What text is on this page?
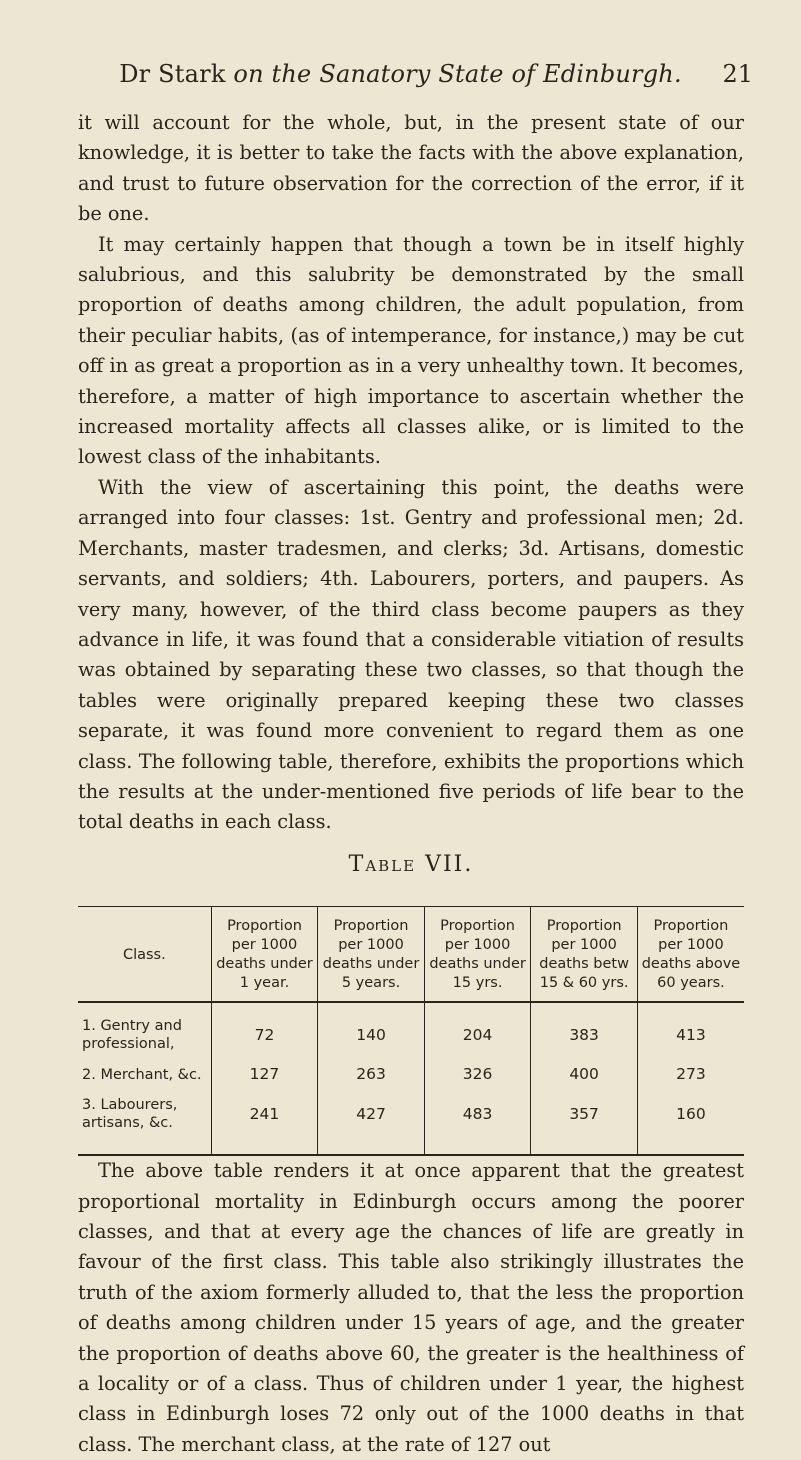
Dr Stark on the Sanatory State of Edinburgh.	21

it will account for the whole, but, in the present state of our knowledge, it is better to take the facts with the above explanation, and trust to future observation for the correction of the error, if it be one.

It may certainly happen that though a town be in itself highly salubrious, and this salubrity be demonstrated by the small proportion of deaths among children, the adult population, from their peculiar habits, (as of intemperance, for instance,) may be cut off in as great a proportion as in a very unhealthy town. It becomes, therefore, a matter of high importance to ascertain whether the increased mortality affects all classes alike, or is limited to the lowest class of the inhabitants.

With the view of ascertaining this point, the deaths were arranged into four classes: 1st. Gentry and professional men; 2d. Merchants, master tradesmen, and clerks; 3d. Artisans, domestic servants, and soldiers; 4th. Labourers, porters, and paupers. As very many, however, of the third class become paupers as they advance in life, it was found that a considerable vitiation of results was obtained by separating these two classes, so that though the tables were originally prepared keeping these two classes separate, it was found more convenient to regard them as one class. The following table, therefore, exhibits the proportions which the results at the under-mentioned five periods of life bear to the total deaths in each class.

Table VII.
Class.	Proportion per 1000 deaths under 1 year.	Proportion per 1000 deaths under 5 years.	Proportion per 1000 deaths under 15 yrs.	Proportion per 1000 deaths betw 15 & 60 yrs.	Proportion per 1000 deaths above 60 years.
1. Gentry and professional,	72	140	204	383	413
2. Merchant, &c.	127	263	326	400	273
3. Labourers, artisans, &c.	241	427	483	357	160

The above table renders it at once apparent that the greatest proportional mortality in Edinburgh occurs among the poorer classes, and that at every age the chances of life are greatly in favour of the first class. This table also strikingly illustrates the truth of the axiom formerly alluded to, that the less the proportion of deaths among children under 15 years of age, and the greater the proportion of deaths above 60, the greater is the healthiness of a locality or of a class. Thus of children under 1 year, the highest class in Edinburgh loses 72 only out of the 1000 deaths in that class. The merchant class, at the rate of 127 out
